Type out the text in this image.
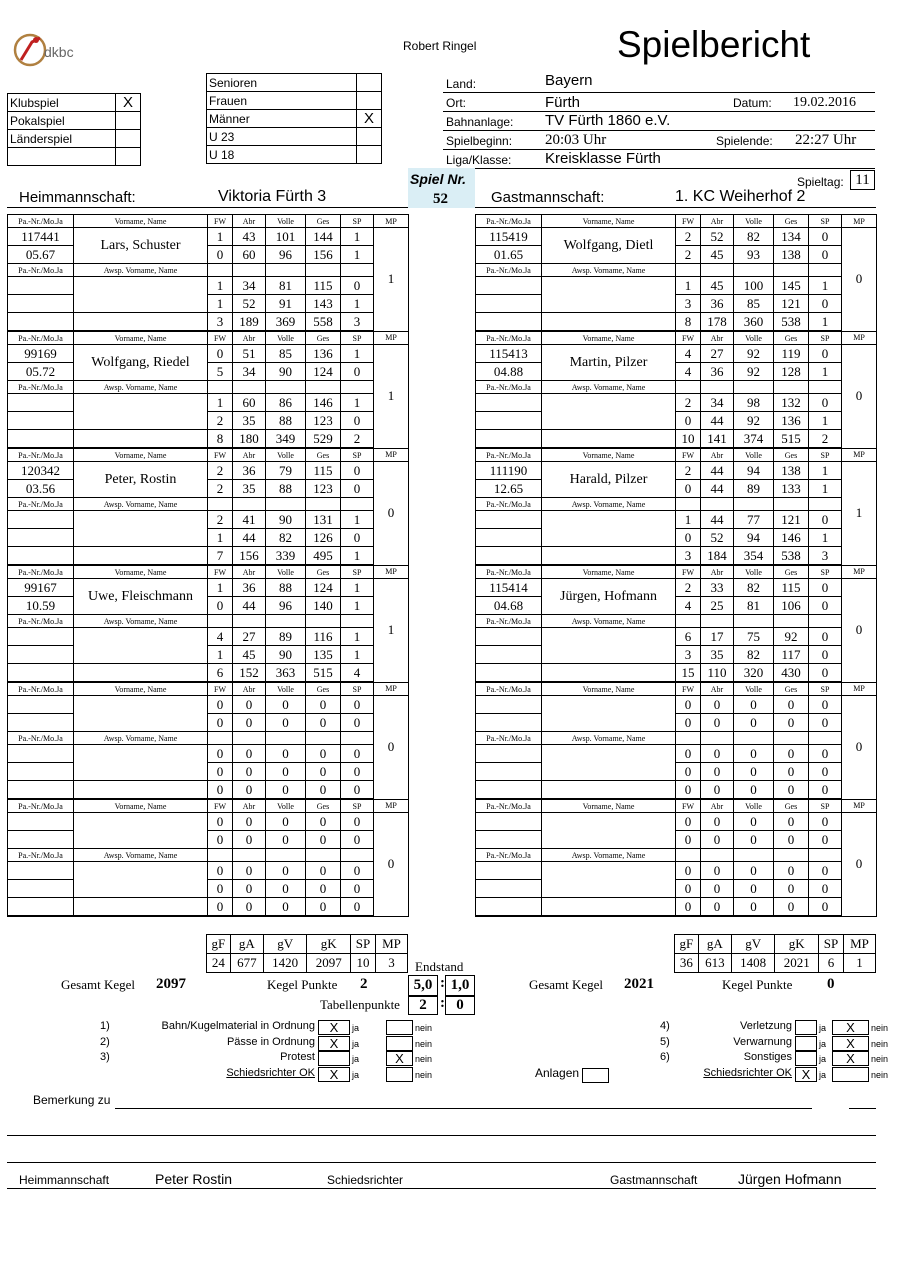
dkbc	Robert Ringel	Spielbericht
Klubspiel	X
Pokalspiel	
Länderspiel	

Senioren	
Frauen	
Männer	X
U 23	
U 18	
Land:	Bayern
Ort:	Fürth	Datum: 19.02.2016
Bahnanlage: TV Fürth 1860 e.V.
Spielbeginn: 20:03 Uhr	Spielende: 22:27 Uhr
Liga/Klasse: Kreisklasse Fürth
Spiel Nr.
52
Spieltag: 11
Heimmannschaft:	Viktoria Fürth 3	Gastmannschaft:	1. KC Weiherhof 2
Pa.-Nr./Mo.Ja	Vorname, Name	FW	Abr	Volle	Ges	SP	MP
117441	Lars, Schuster	1	43	101	144	1	1
05.67		0	60	96	156	1	
Pa.-Nr./Mo.Ja	Awsp. Vorname, Name						
		1	34	81	115	0	
		1	52	91	143	1	
		3	189	369	558	3	
Pa.-Nr./Mo.Ja	Vorname, Name	FW	Abr	Volle	Ges	SP	MP
99169	Wolfgang, Riedel	0	51	85	136	1	1
05.72		5	34	90	124	0	
Pa.-Nr./Mo.Ja	Awsp. Vorname, Name						
		1	60	86	146	1	
		2	35	88	123	0	
		8	180	349	529	2	
Pa.-Nr./Mo.Ja	Vorname, Name	FW	Abr	Volle	Ges	SP	MP
120342	Peter, Rostin	2	36	79	115	0	0
03.56		2	35	88	123	0	
Pa.-Nr./Mo.Ja	Awsp. Vorname, Name						
		2	41	90	131	1	
		1	44	82	126	0	
		7	156	339	495	1	
Pa.-Nr./Mo.Ja	Vorname, Name	FW	Abr	Volle	Ges	SP	MP
99167	Uwe, Fleischmann	1	36	88	124	1	1
10.59		0	44	96	140	1	
Pa.-Nr./Mo.Ja	Awsp. Vorname, Name						
		4	27	89	116	1	
		1	45	90	135	1	
		6	152	363	515	4	
Pa.-Nr./Mo.Ja	Vorname, Name	FW	Abr	Volle	Ges	SP	MP
		0	0	0	0	0	0
		0	0	0	0	0	
Pa.-Nr./Mo.Ja	Awsp. Vorname, Name						
		0	0	0	0	0	
		0	0	0	0	0	
		0	0	0	0	0	
Pa.-Nr./Mo.Ja	Vorname, Name	FW	Abr	Volle	Ges	SP	MP
		0	0	0	0	0	0
		0	0	0	0	0	
Pa.-Nr./Mo.Ja	Awsp. Vorname, Name						
		0	0	0	0	0	
		0	0	0	0	0	
		0	0	0	0	0	
Pa.-Nr./Mo.Ja	Vorname, Name	FW	Abr	Volle	Ges	SP	MP
115419	Wolfgang, Dietl	2	52	82	134	0	0
01.65		2	45	93	138	0	
Pa.-Nr./Mo.Ja	Awsp. Vorname, Name						
		1	45	100	145	1	
		3	36	85	121	0	
		8	178	360	538	1	
Pa.-Nr./Mo.Ja	Vorname, Name	FW	Abr	Volle	Ges	SP	MP
115413	Martin, Pilzer	4	27	92	119	0	0
04.88		4	36	92	128	1	
Pa.-Nr./Mo.Ja	Awsp. Vorname, Name						
		2	34	98	132	0	
		0	44	92	136	1	
		10	141	374	515	2	
Pa.-Nr./Mo.Ja	Vorname, Name	FW	Abr	Volle	Ges	SP	MP
111190	Harald, Pilzer	2	44	94	138	1	1
12.65		0	44	89	133	1	
Pa.-Nr./Mo.Ja	Awsp. Vorname, Name						
		1	44	77	121	0	
		0	52	94	146	1	
		3	184	354	538	3	
Pa.-Nr./Mo.Ja	Vorname, Name	FW	Abr	Volle	Ges	SP	MP
115414	Jürgen, Hofmann	2	33	82	115	0	0
04.68		4	25	81	106	0	
Pa.-Nr./Mo.Ja	Awsp. Vorname, Name						
		6	17	75	92	0	
		3	35	82	117	0	
		15	110	320	430	0	
Pa.-Nr./Mo.Ja	Vorname, Name	FW	Abr	Volle	Ges	SP	MP
		0	0	0	0	0	0
		0	0	0	0	0	
Pa.-Nr./Mo.Ja	Awsp. Vorname, Name						
		0	0	0	0	0	
		0	0	0	0	0	
		0	0	0	0	0	
Pa.-Nr./Mo.Ja	Vorname, Name	FW	Abr	Volle	Ges	SP	MP
		0	0	0	0	0	0
		0	0	0	0	0	
Pa.-Nr./Mo.Ja	Awsp. Vorname, Name						
		0	0	0	0	0	
		0	0	0	0	0	
		0	0	0	0	0	
gF	gA	gV	gK	SP	MP
24	677	1420	2097	10	3
gF	gA	gV	gK	SP	MP
36	613	1408	2021	6	1
Endstand
Gesamt Kegel 2097	Kegel Punkte 2	5,0 : 1,0	Gesamt Kegel 2021	Kegel Punkte 0
Tabellenpunkte	2 : 0
1)	Bahn/Kugelmaterial in Ordnung	X	ja	nein
2)	Pässe in Ordnung	X	ja	nein
3)	Protest	ja	X	nein
Schiedsrichter OK	X	ja	nein
4)	Verletzung	ja	X	nein
5)	Verwarnung	ja	X	nein
6)	Sonstiges	ja	X	nein
Schiedsrichter OK X ja	nein
Anlagen
Bemerkung zu
Heimmannschaft	Peter Rostin	Schiedsrichter	Gastmannschaft	Jürgen Hofmann
